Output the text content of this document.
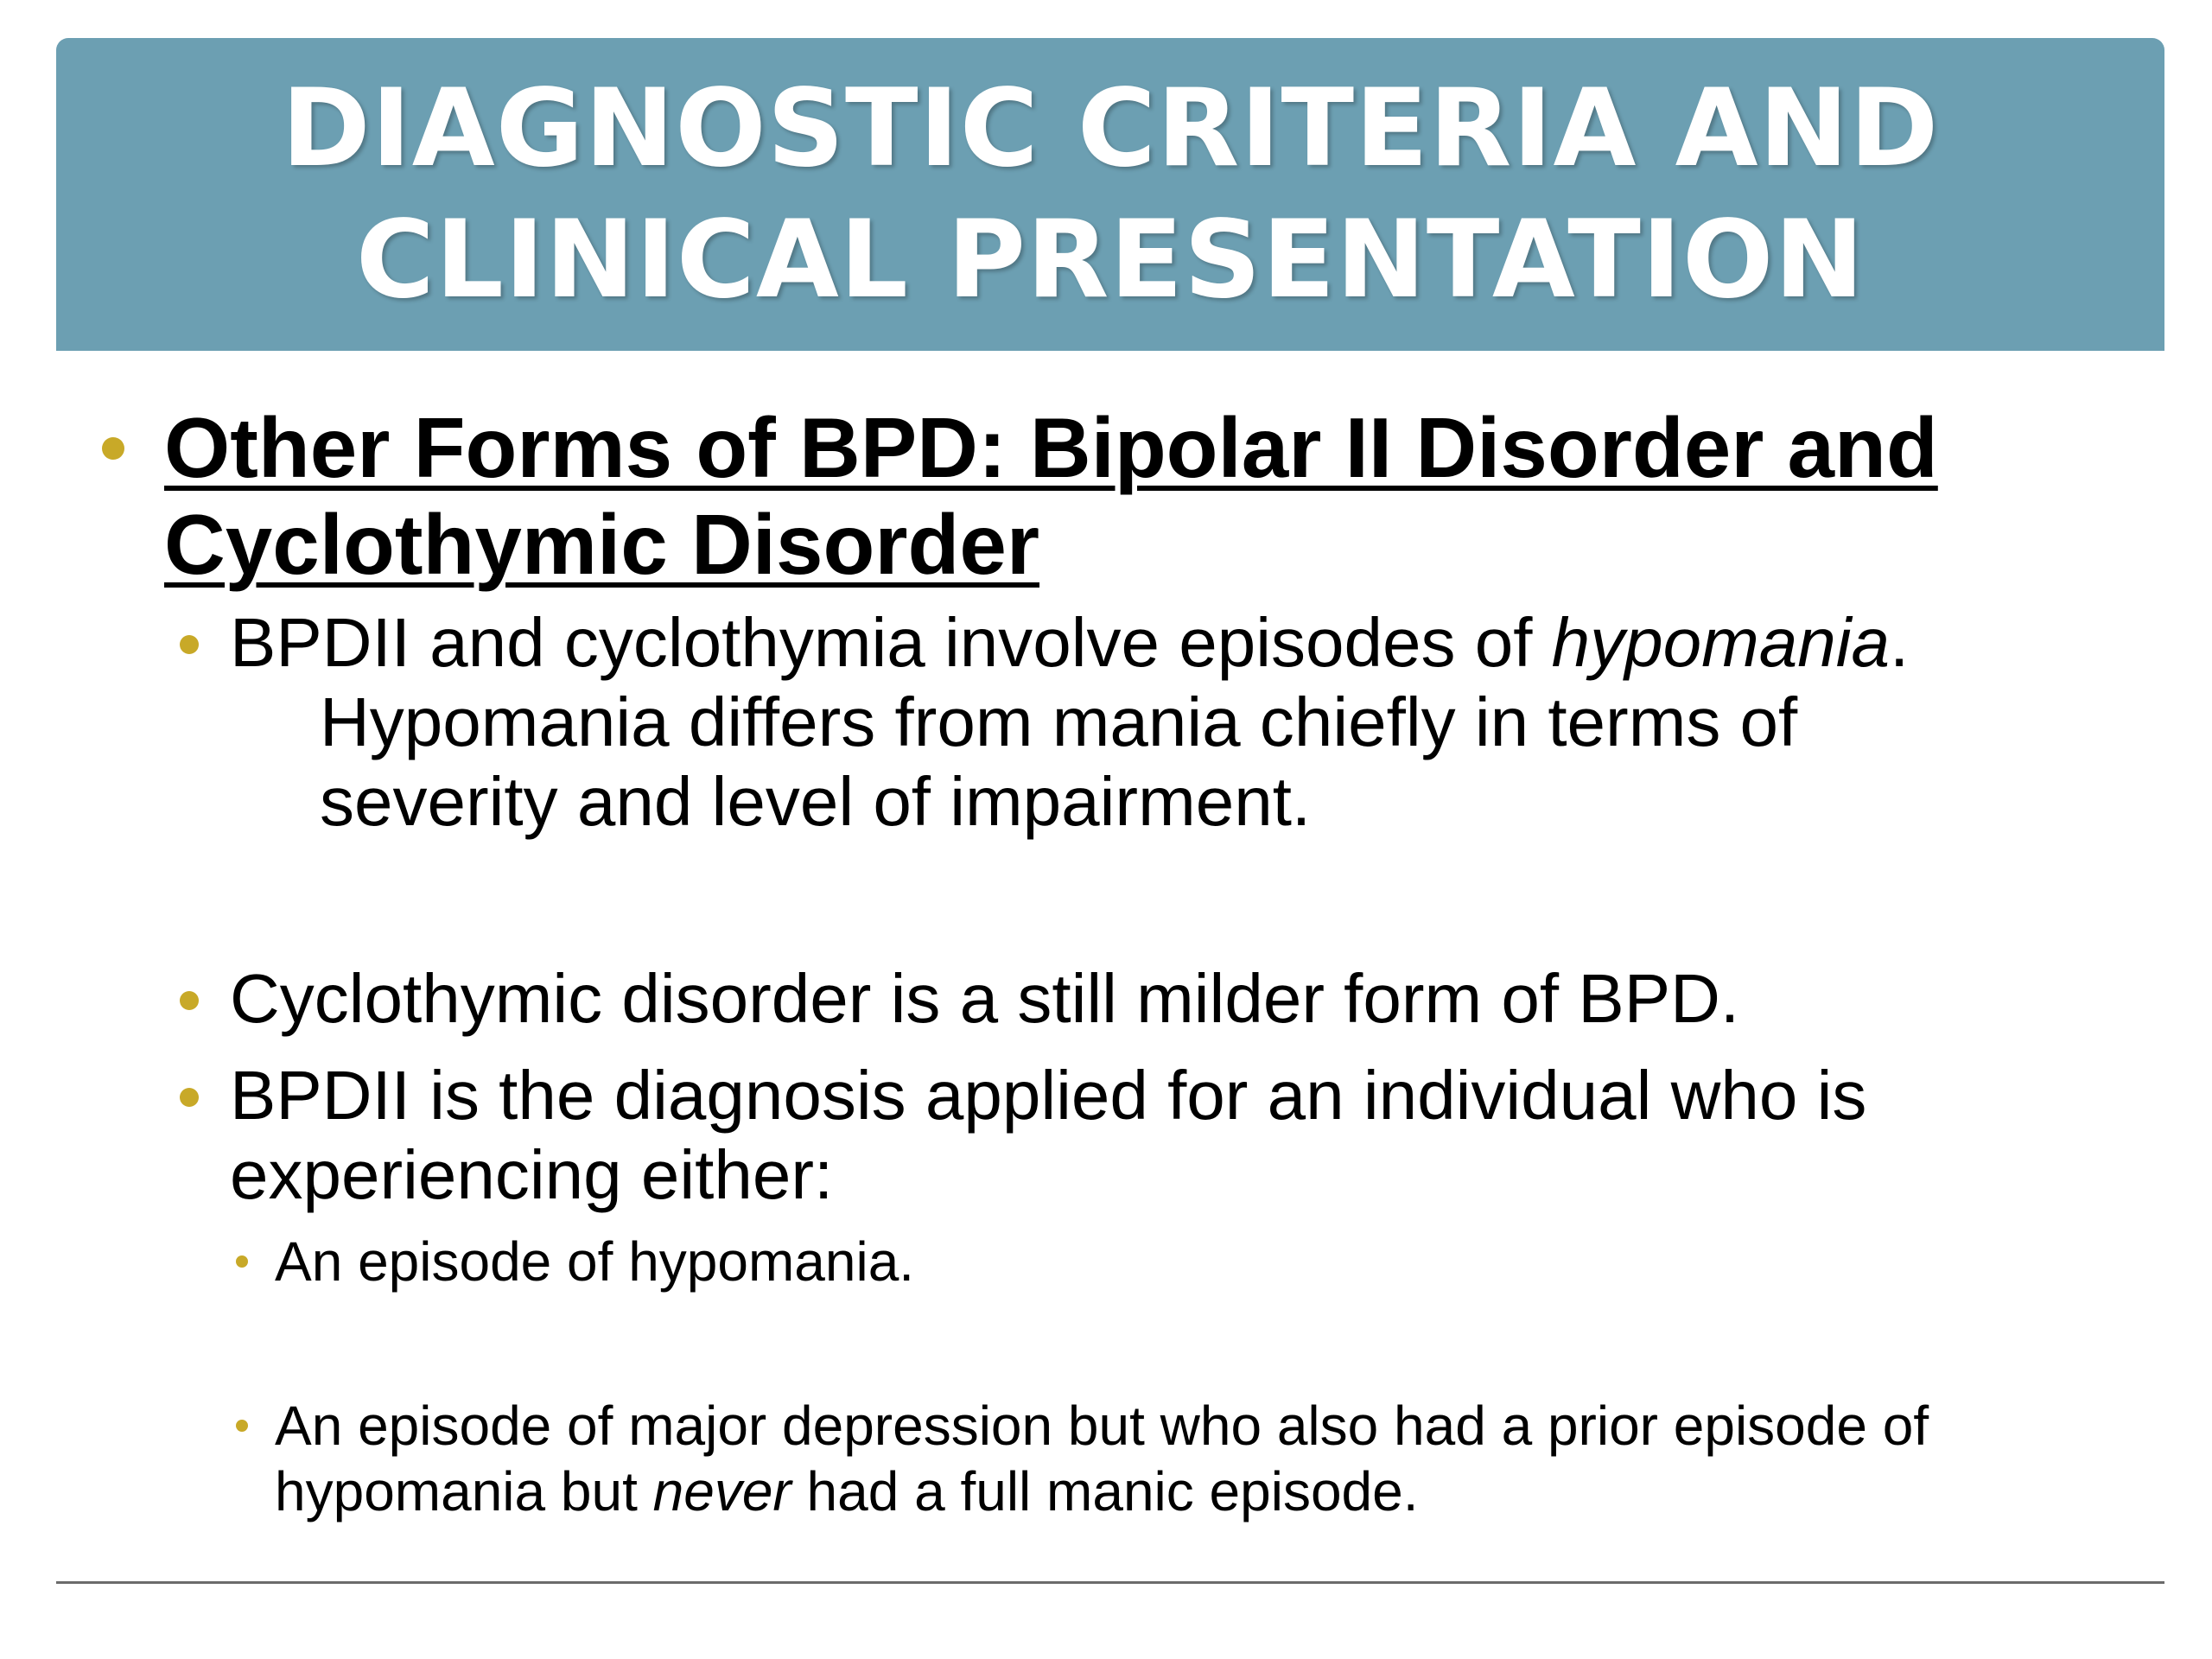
DIAGNOSTIC CRITERIA AND
CLINICAL PRESENTATION

Other Forms of BPD: Bipolar II Disorder and
Cyclothymic Disorder

BPDII and cyclothymia involve episodes of hypomania.
Hypomania differs from mania chiefly in terms of
severity and level of impairment.

Cyclothymic disorder is a still milder form of BPD.

BPDII is the diagnosis applied for an individual who is
experiencing either:

An episode of hypomania.

An episode of major depression but who also had a prior episode of
hypomania but never had a full manic episode.
